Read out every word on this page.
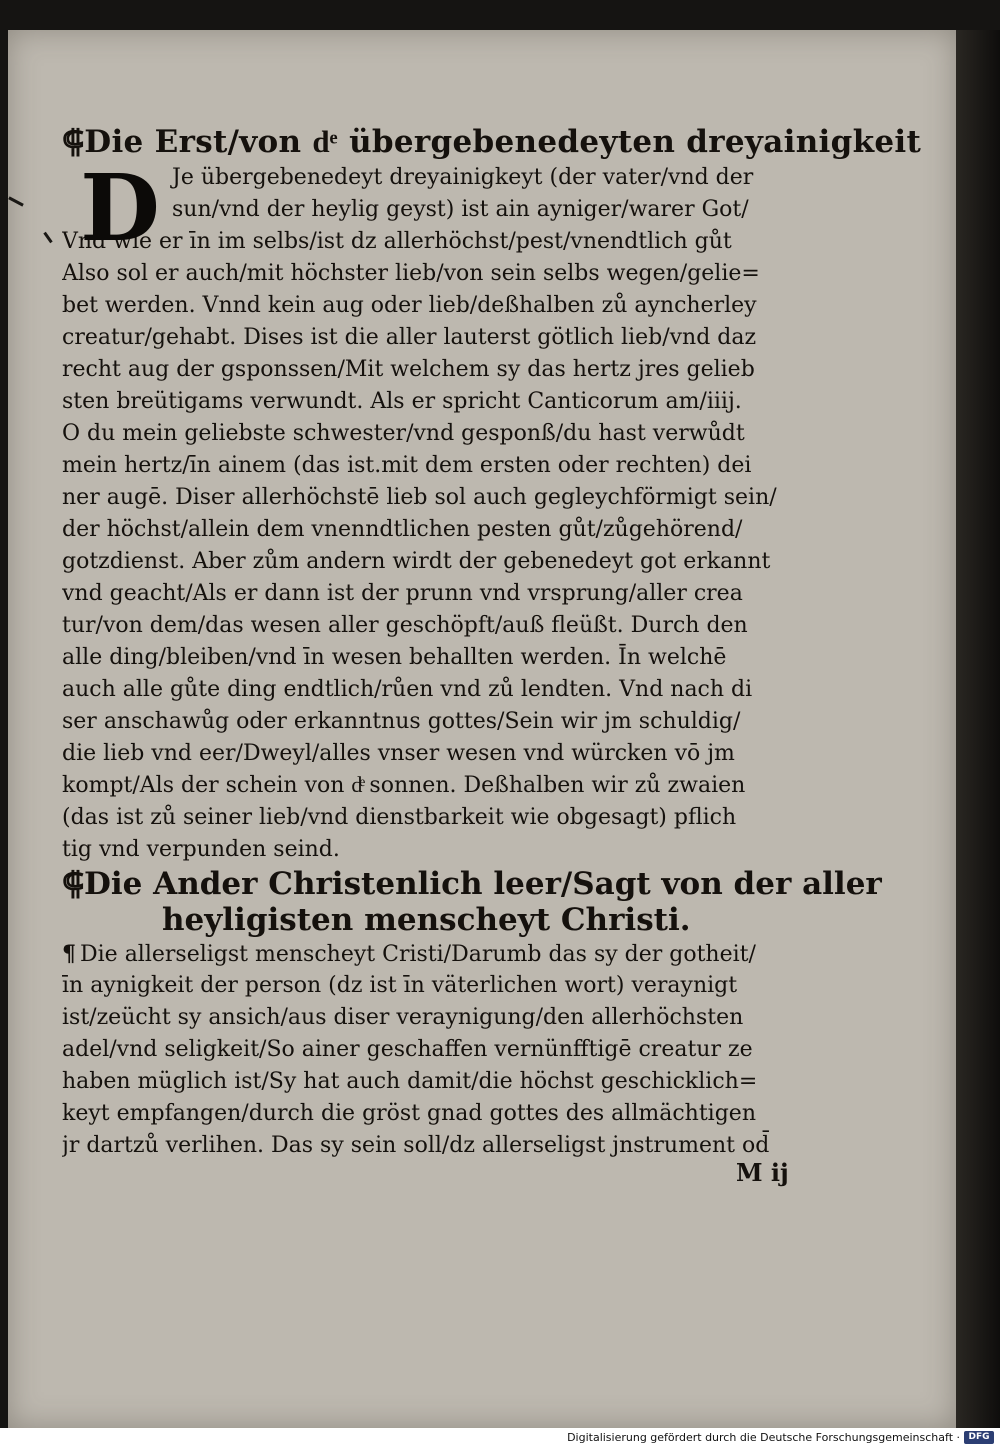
⸿Die Erst/von dͤ übergebenedeyten dreyainigkeit
D Je übergebenedeyt dreyainigkeyt (der vater/vnd der
sun/vnd der heylig geyst) ist ain ayniger/warer Got/
Vnd wie er īn im selbs/ist dz allerhöchst/pest/vnendtlich gůt
Also sol er auch/mit höchster lieb/von sein selbs wegen/gelie=
bet werden. Vnnd kein aug oder lieb/deßhalben zů ayncherley
creatur/gehabt. Dises ist die aller lauterst götlich lieb/vnd daz
recht aug der gsponssen/Mit welchem sy das hertz jres gelieb
sten breütigams verwundt. Als er spricht Canticorum am/iiij.
O du mein geliebste schwester/vnd gesponß/du hast verwůdt
mein hertz/īn ainem (das ist.mit dem ersten oder rechten) dei
ner augē. Diser allerhöchstē lieb sol auch gegleychförmigt sein/
der höchst/allein dem vnenndtlichen pesten gůt/zůgehörend/
gotzdienst. Aber zům andern wirdt der gebenedeyt got erkannt
vnd geacht/Als er dann ist der prunn vnd vrsprung/aller crea
tur/von dem/das wesen aller geschöpft/auß fleüßt. Durch den
alle ding/bleiben/vnd īn wesen behallten werden. Īn welchē
auch alle gůte ding endtlich/růen vnd zů lendten. Vnd nach di
ser anschawůg oder erkanntnus gottes/Sein wir jm schuldig/
die lieb vnd eer/Dweyl/alles vnser wesen vnd würcken vō jm
kompt/Als der schein von dͤ sonnen. Deßhalben wir zů zwaien
(das ist zů seiner lieb/vnd dienstbarkeit wie obgesagt) pflich
tig vnd verpunden seind.
⸿Die Ander Christenlich leer/Sagt von der aller
heyligisten menscheyt Christi.
¶ Die allerseligst menscheyt Cristi/Darumb das sy der gotheit/
īn aynigkeit der person (dz ist īn väterlichen wort) veraynigt
ist/zeücht sy ansich/aus diser veraynigung/den allerhöchsten
adel/vnd seligkeit/So ainer geschaffen vernünfftigē creatur ze
haben müglich ist/Sy hat auch damit/die höchst geschicklich=
keyt empfangen/durch die gröst gnad gottes des allmächtigen
jr dartzů verlihen. Das sy sein soll/dz allerseligst jnstrument od̄
M ij
Digitalisierung gefördert durch die Deutsche Forschungsgemeinschaft · DFG
